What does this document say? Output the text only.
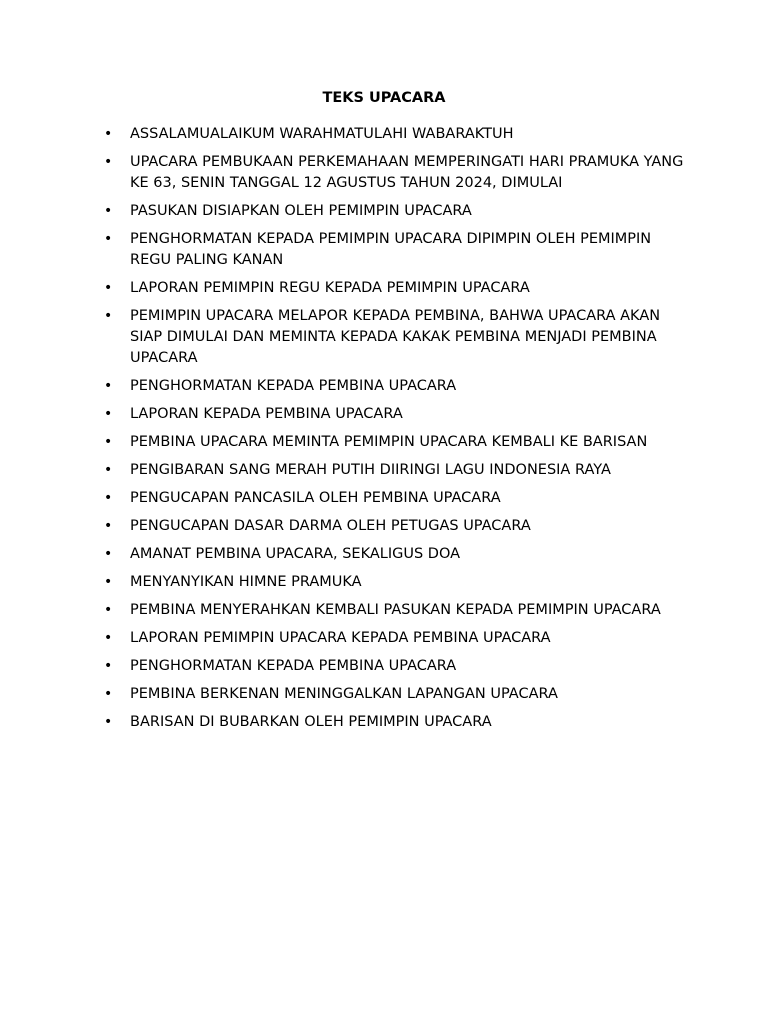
TEKS UPACARA
• ASSALAMUALAIKUM WARAHMATULAHI WABARAKTUH
• UPACARA PEMBUKAAN PERKEMAHAAN MEMPERINGATI HARI PRAMUKA YANG KE 63, SENIN TANGGAL 12 AGUSTUS TAHUN 2024, DIMULAI
• PASUKAN DISIAPKAN OLEH PEMIMPIN UPACARA
• PENGHORMATAN KEPADA PEMIMPIN UPACARA DIPIMPIN OLEH PEMIMPIN REGU PALING KANAN
• LAPORAN PEMIMPIN REGU KEPADA PEMIMPIN UPACARA
• PEMIMPIN UPACARA MELAPOR KEPADA PEMBINA, BAHWA UPACARA AKAN SIAP DIMULAI DAN MEMINTA KEPADA KAKAK PEMBINA MENJADI PEMBINA UPACARA
• PENGHORMATAN KEPADA PEMBINA UPACARA
• LAPORAN KEPADA PEMBINA UPACARA
• PEMBINA UPACARA MEMINTA PEMIMPIN UPACARA KEMBALI KE BARISAN
• PENGIBARAN SANG MERAH PUTIH DIIRINGI LAGU INDONESIA RAYA
• PENGUCAPAN PANCASILA OLEH PEMBINA UPACARA
• PENGUCAPAN DASAR DARMA OLEH PETUGAS UPACARA
• AMANAT PEMBINA UPACARA, SEKALIGUS DOA
• MENYANYIKAN HIMNE PRAMUKA
• PEMBINA MENYERAHKAN KEMBALI PASUKAN KEPADA PEMIMPIN UPACARA
• LAPORAN PEMIMPIN UPACARA KEPADA PEMBINA UPACARA
• PENGHORMATAN KEPADA PEMBINA UPACARA
• PEMBINA BERKENAN MENINGGALKAN LAPANGAN UPACARA
• BARISAN DI BUBARKAN OLEH PEMIMPIN UPACARA
